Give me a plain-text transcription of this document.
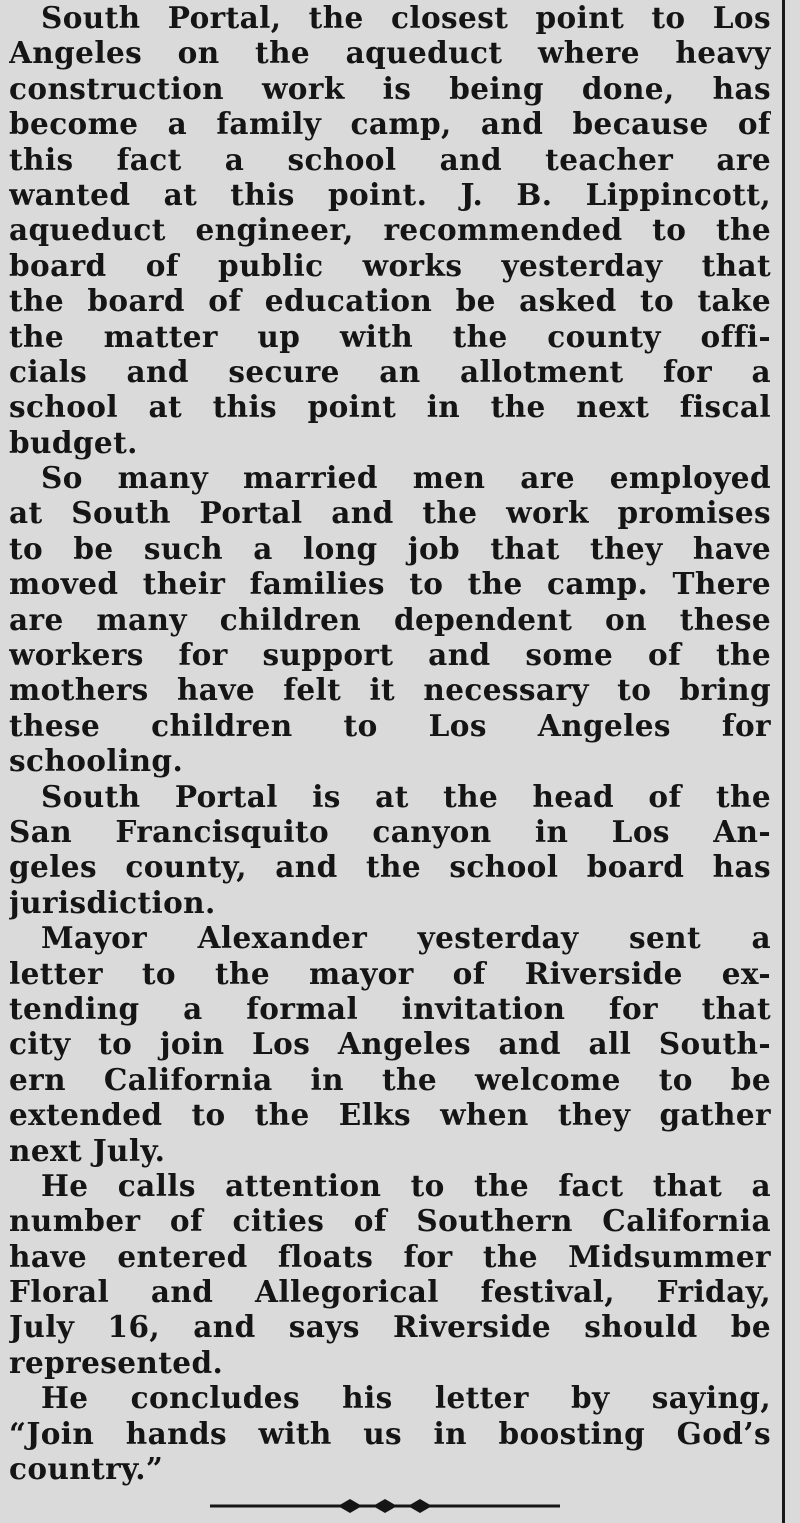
South Portal, the closest point to Los
Angeles on the aqueduct where heavy
construction work is being done, has
become a family camp, and because of
this fact a school and teacher are
wanted at this point. J. B. Lippincott,
aqueduct engineer, recommended to the
board of public works yesterday that
the board of education be asked to take
the matter up with the county offi-
cials and secure an allotment for a
school at this point in the next fiscal
budget.
So many married men are employed
at South Portal and the work promises
to be such a long job that they have
moved their families to the camp. There
are many children dependent on these
workers for support and some of the
mothers have felt it necessary to bring
these children to Los Angeles for
schooling.
South Portal is at the head of the
San Francisquito canyon in Los An-
geles county, and the school board has
jurisdiction.
Mayor Alexander yesterday sent a
letter to the mayor of Riverside ex-
tending a formal invitation for that
city to join Los Angeles and all South-
ern California in the welcome to be
extended to the Elks when they gather
next July.
He calls attention to the fact that a
number of cities of Southern California
have entered floats for the Midsummer
Floral and Allegorical festival, Friday,
July 16, and says Riverside should be
represented.
He concludes his letter by saying,
“Join hands with us in boosting God’s
country.”
